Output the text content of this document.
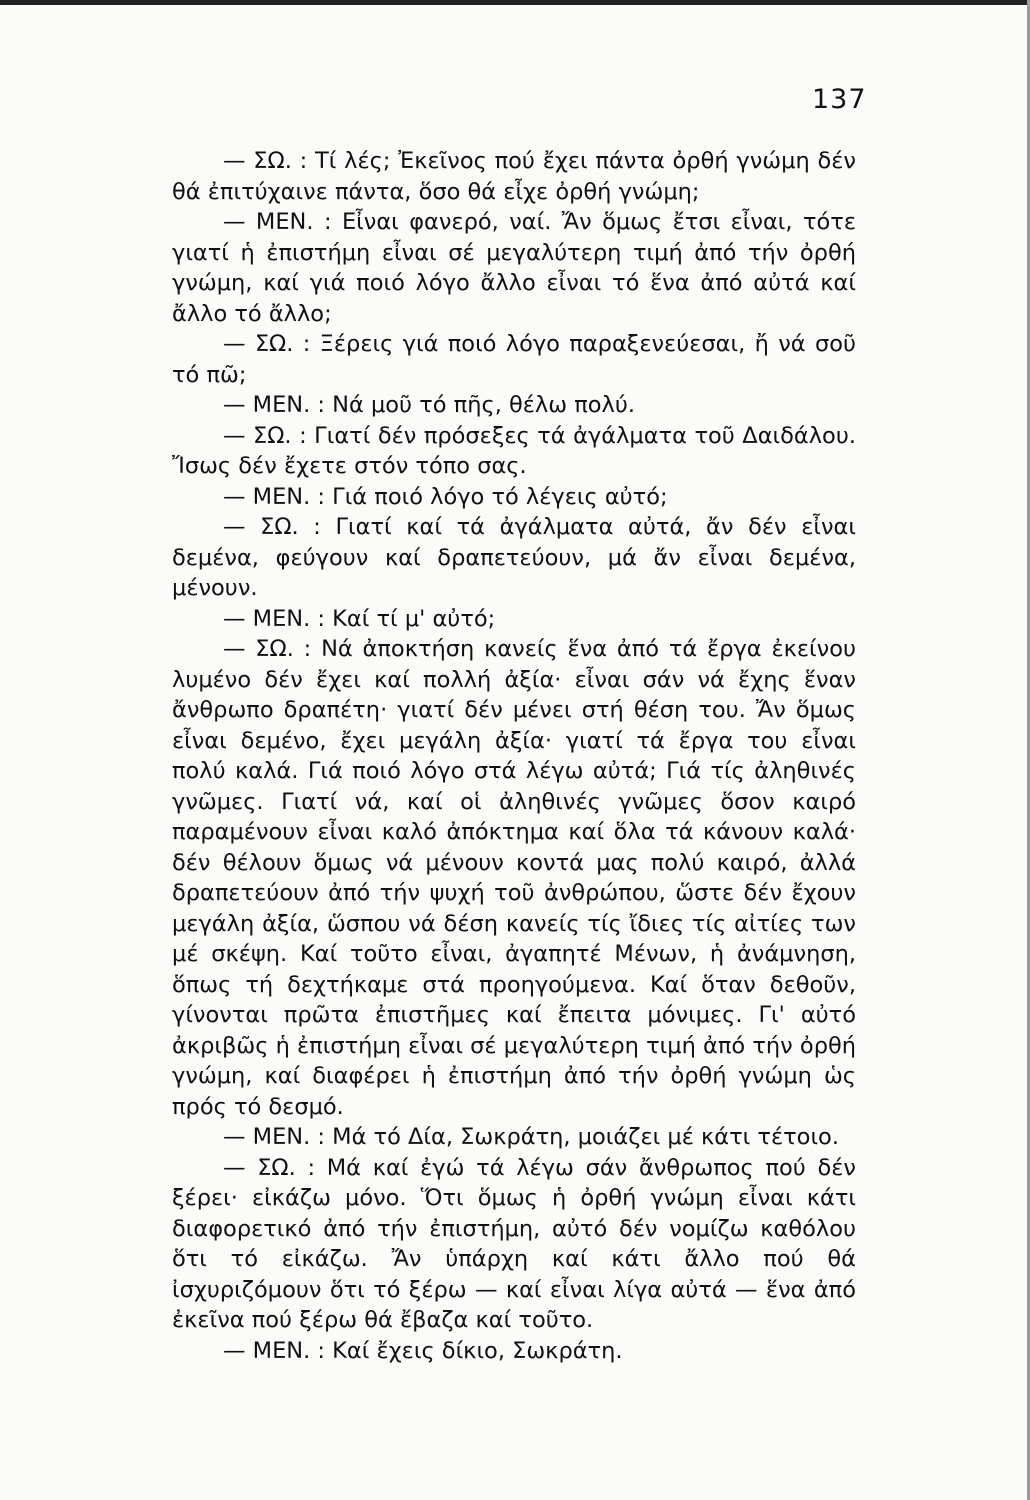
137

— ΣΩ. : Τί λές; Ἐκεῖνος πού ἔχει πάντα ὀρθή γνώμη δέν θά ἐπιτύχαινε πάντα, ὅσο θά εἶχε ὀρθή γνώμη;

— ΜΕΝ. : Εἶναι φανερό, ναί. Ἄν ὅμως ἔτσι εἶναι, τότε γιατί ἡ ἐπιστήμη εἶναι σέ μεγαλύτερη τιμή ἀπό τήν ὀρθή γνώμη, καί γιά ποιό λόγο ἄλλο εἶναι τό ἕνα ἀπό αὐτά καί ἄλλο τό ἄλλο;

— ΣΩ. : Ξέρεις γιά ποιό λόγο παραξενεύεσαι, ἤ νά σοῦ τό πῶ;

— ΜΕΝ. : Νά μοῦ τό πῆς, θέλω πολύ.

— ΣΩ. : Γιατί δέν πρόσεξες τά ἀγάλματα τοῦ Δαιδάλου. Ἴσως δέν ἔχετε στόν τόπο σας.

— ΜΕΝ. : Γιά ποιό λόγο τό λέγεις αὐτό;

— ΣΩ. : Γιατί καί τά ἀγάλματα αὐτά, ἄν δέν εἶναι δεμένα, φεύγουν καί δραπετεύουν, μά ἄν εἶναι δεμένα, μένουν.

— ΜΕΝ. : Καί τί μ' αὐτό;

— ΣΩ. : Νά ἀποκτήση κανείς ἕνα ἀπό τά ἔργα ἐκείνου λυμένο δέν ἔχει καί πολλή ἀξία· εἶναι σάν νά ἔχης ἕναν ἄνθρωπο δραπέτη· γιατί δέν μένει στή θέση του. Ἄν ὅμως εἶναι δεμένο, ἔχει μεγάλη ἀξία· γιατί τά ἔργα του εἶναι πολύ καλά. Γιά ποιό λόγο στά λέγω αὐτά; Γιά τίς ἀληθινές γνῶμες. Γιατί νά, καί οἱ ἀληθινές γνῶμες ὅσον καιρό παραμένουν εἶναι καλό ἀπόκτημα καί ὅλα τά κάνουν καλά· δέν θέλουν ὅμως νά μένουν κοντά μας πολύ καιρό, ἀλλά δραπετεύουν ἀπό τήν ψυχή τοῦ ἀνθρώπου, ὥστε δέν ἔχουν μεγάλη ἀξία, ὥσπου νά δέση κανείς τίς ἴδιες τίς αἰτίες των μέ σκέψη. Καί τοῦτο εἶναι, ἀγαπητέ Μένων, ἡ ἀνάμνηση, ὅπως τή δεχτήκαμε στά προηγούμενα. Καί ὅταν δεθοῦν, γίνονται πρῶτα ἐπιστῆμες καί ἔπειτα μόνιμες. Γι' αὐτό ἀκριβῶς ἡ ἐπιστήμη εἶναι σέ μεγαλύτερη τιμή ἀπό τήν ὀρθή γνώμη, καί διαφέρει ἡ ἐπιστήμη ἀπό τήν ὀρθή γνώμη ὡς πρός τό δεσμό.

— ΜΕΝ. : Μά τό Δία, Σωκράτη, μοιάζει μέ κάτι τέτοιο.

— ΣΩ. : Μά καί ἐγώ τά λέγω σάν ἄνθρωπος πού δέν ξέρει· εἰκάζω μόνο. Ὅτι ὅμως ἡ ὀρθή γνώμη εἶναι κάτι διαφορετικό ἀπό τήν ἐπιστήμη, αὐτό δέν νομίζω καθόλου ὅτι τό εἰκάζω. Ἄν ὑπάρχη καί κάτι ἄλλο πού θά ἰσχυριζόμουν ὅτι τό ξέρω — καί εἶναι λίγα αὐτά — ἕνα ἀπό ἐκεῖνα πού ξέρω θά ἔβαζα καί τοῦτο.

— ΜΕΝ. : Καί ἔχεις δίκιο, Σωκράτη.
